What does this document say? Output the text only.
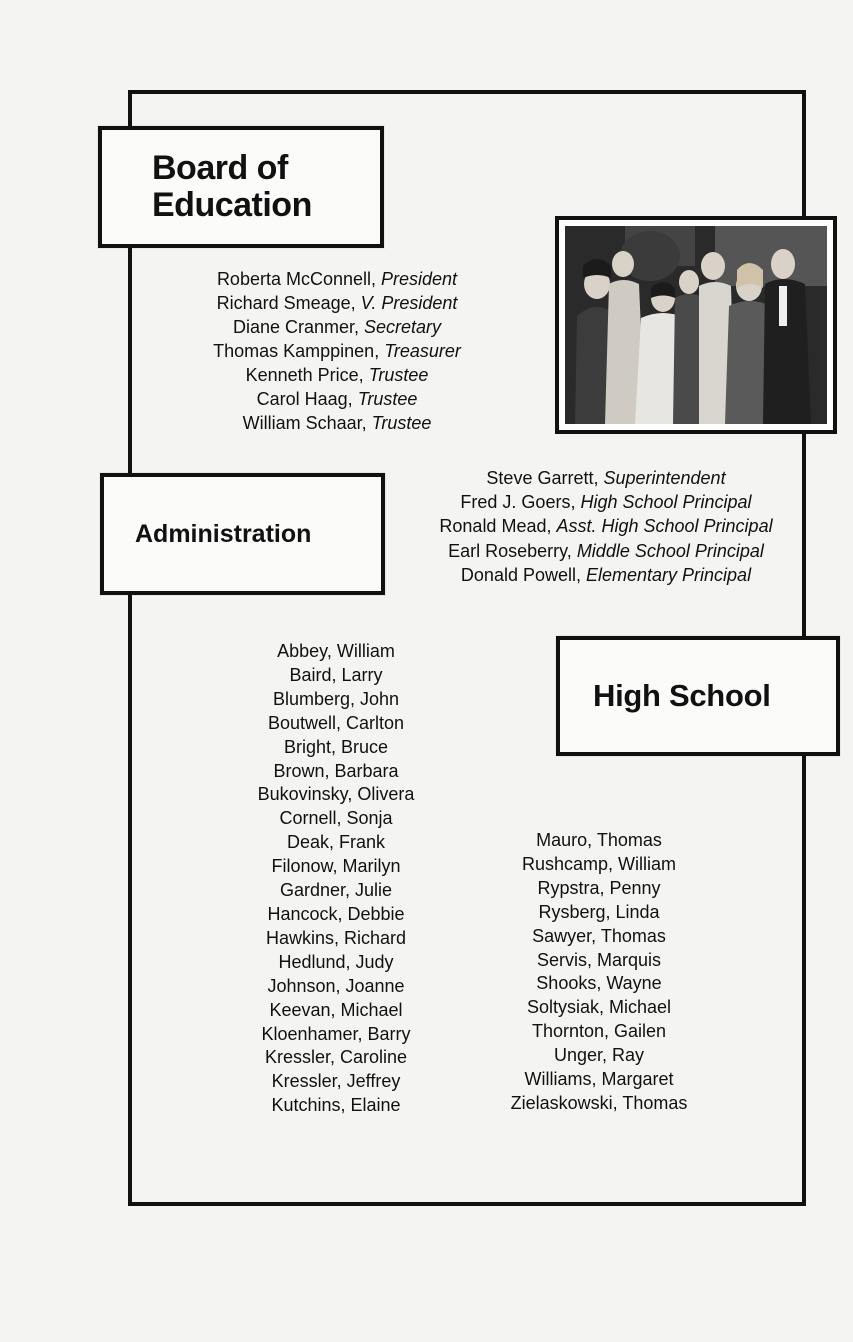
Board of
Education
Roberta McConnell, President
Richard Smeage, V. President
Diane Cranmer, Secretary
Thomas Kamppinen, Treasurer
Kenneth Price, Trustee
Carol Haag, Trustee
William Schaar, Trustee
Administration
Steve Garrett, Superintendent
Fred J. Goers, High School Principal
Ronald Mead, Asst. High School Principal
Earl Roseberry, Middle School Principal
Donald Powell, Elementary Principal
High School
Abbey, William
Baird, Larry
Blumberg, John
Boutwell, Carlton
Bright, Bruce
Brown, Barbara
Bukovinsky, Olivera
Cornell, Sonja
Deak, Frank
Filonow, Marilyn
Gardner, Julie
Hancock, Debbie
Hawkins, Richard
Hedlund, Judy
Johnson, Joanne
Keevan, Michael
Kloenhamer, Barry
Kressler, Caroline
Kressler, Jeffrey
Kutchins, Elaine
Mauro, Thomas
Rushcamp, William
Rypstra, Penny
Rysberg, Linda
Sawyer, Thomas
Servis, Marquis
Shooks, Wayne
Soltysiak, Michael
Thornton, Gailen
Unger, Ray
Williams, Margaret
Zielaskowski, Thomas
